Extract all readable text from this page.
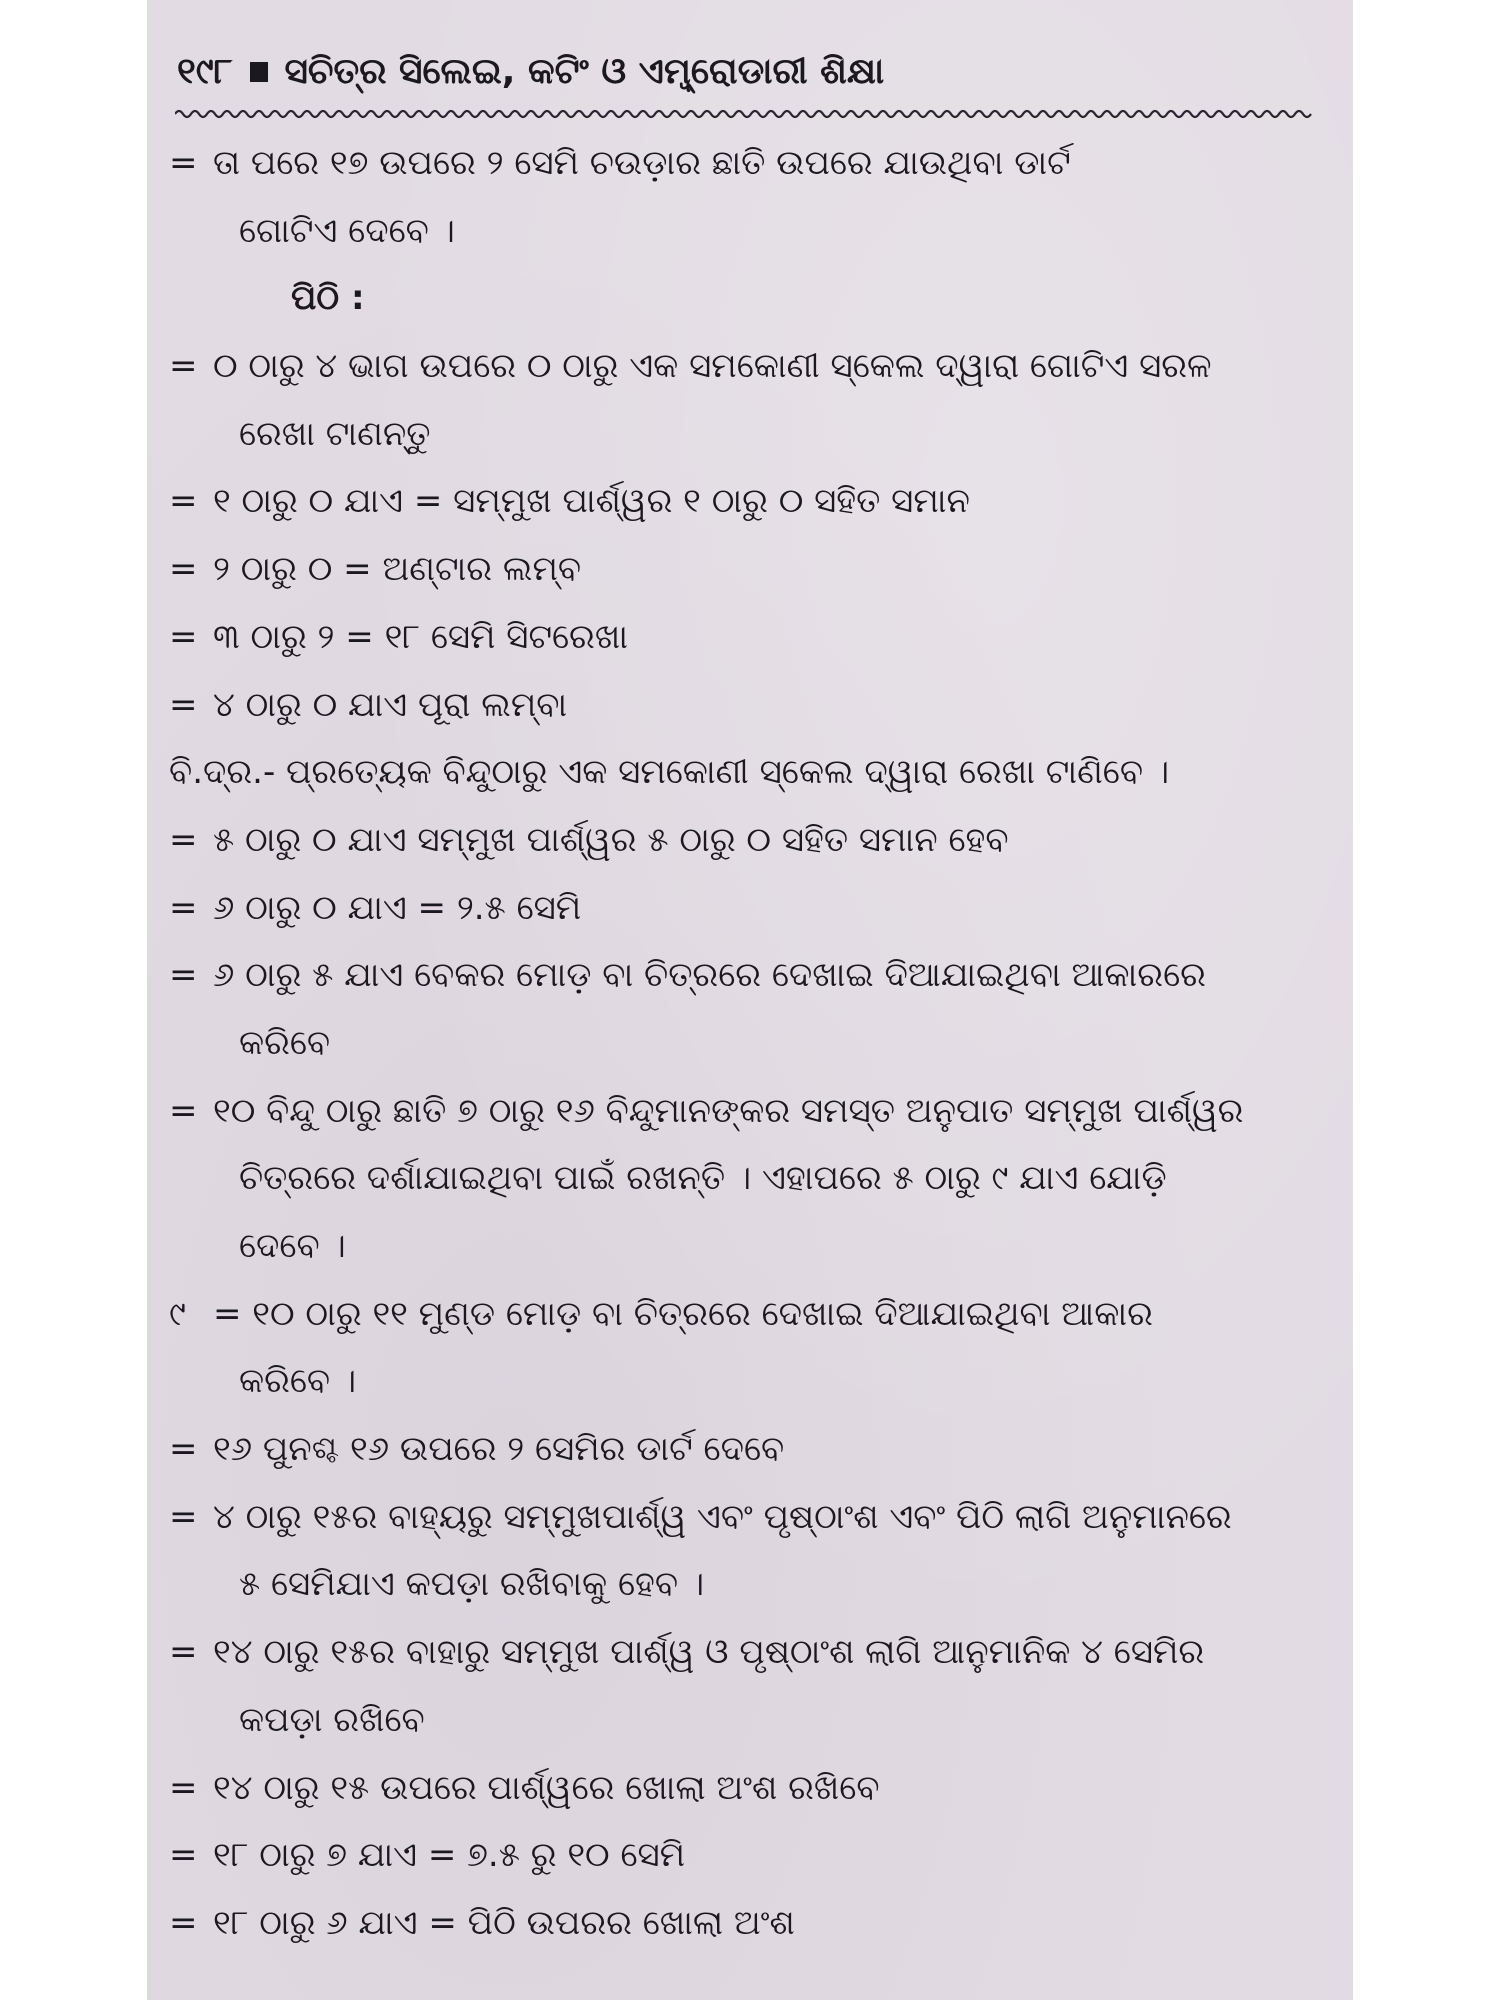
୧୯୮ ସଚିତ୍ର ସିଲେଇ, କଟିଂ ଓ ଏମ୍ବ୍ରୋଡାରୀ ଶିକ୍ଷା
= ତା ପରେ ୧୭ ଉପରେ ୨ ସେମି ଚଉଡ଼ାର ଛାତି ଉପରେ ଯାଉଥିବା ଡାର୍ଟ
ଗୋଟିଏ ଦେବେ ।
ପିଠି :
= ୦ ଠାରୁ ୪ ଭାଗ ଉପରେ ୦ ଠାରୁ ଏକ ସମକୋଣୀ ସ୍କେଲ ଦ୍ୱାରା ଗୋଟିଏ ସରଳ
ରେଖା ଟାଣନ୍ତୁ
= ୧ ଠାରୁ ୦ ଯାଏ = ସମ୍ମୁଖ ପାର୍ଶ୍ୱର ୧ ଠାରୁ ୦ ସହିତ ସମାନ
= ୨ ଠାରୁ ୦ = ଅଣ୍ଟାର ଲମ୍ବ
= ୩ ଠାରୁ ୨ = ୧୮ ସେମି ସିଟରେଖା
= ୪ ଠାରୁ ୦ ଯାଏ ପୂରା ଲମ୍ବା
ବି.ଦ୍ର.- ପ୍ରତ୍ୟେକ ବିନ୍ଦୁଠାରୁ ଏକ ସମକୋଣୀ ସ୍କେଲ ଦ୍ୱାରା ରେଖା ଟାଣିବେ ।
= ୫ ଠାରୁ ୦ ଯାଏ ସମ୍ମୁଖ ପାର୍ଶ୍ୱର ୫ ଠାରୁ ୦ ସହିତ ସମାନ ହେବ
= ୬ ଠାରୁ ୦ ଯାଏ = ୨.୫ ସେମି
= ୬ ଠାରୁ ୫ ଯାଏ ବେକର ମୋଡ଼ ବା ଚିତ୍ରରେ ଦେଖାଇ ଦିଆଯାଇଥିବା ଆକାରରେ
କରିବେ
= ୧୦ ବିନ୍ଦୁ ଠାରୁ ଛାତି ୭ ଠାରୁ ୧୬ ବିନ୍ଦୁମାନଙ୍କର ସମସ୍ତ ଅନୁପାତ ସମ୍ମୁଖ ପାର୍ଶ୍ୱର
ଚିତ୍ରରେ ଦର୍ଶାଯାଇଥିବା ପାଇଁ ରଖନ୍ତି । ଏହାପରେ ୫ ଠାରୁ ୯ ଯାଏ ଯୋଡ଼ି
ଦେବେ ।
୯ = ୧୦ ଠାରୁ ୧୧ ମୁଣ୍ଡ ମୋଡ଼ ବା ଚିତ୍ରରେ ଦେଖାଇ ଦିଆଯାଇଥିବା ଆକାର
କରିବେ ।
= ୧୬ ପୁନଶ୍ଚ ୧୬ ଉପରେ ୨ ସେମିର ଡାର୍ଟ ଦେବେ
= ୪ ଠାରୁ ୧୫ର ବାହ୍ୟରୁ ସମ୍ମୁଖପାର୍ଶ୍ୱ ଏବଂ ପୃଷ୍ଠାଂଶ ଏବଂ ପିଠି ଲାଗି ଅନୁମାନରେ
୫ ସେମିଯାଏ କପଡ଼ା ରଖିବାକୁ ହେବ ।
= ୧୪ ଠାରୁ ୧୫ର ବାହାରୁ ସମ୍ମୁଖ ପାର୍ଶ୍ୱ ଓ ପୃଷ୍ଠାଂଶ ଲାଗି ଆନୁମାନିକ ୪ ସେମିର
କପଡ଼ା ରଖିବେ
= ୧୪ ଠାରୁ ୧୫ ଉପରେ ପାର୍ଶ୍ୱରେ ଖୋଲା ଅଂଶ ରଖିବେ
= ୧୮ ଠାରୁ ୭ ଯାଏ = ୭.୫ ରୁ ୧୦ ସେମି
= ୧୮ ଠାରୁ ୬ ଯାଏ = ପିଠି ଉପରର ଖୋଲା ଅଂଶ
